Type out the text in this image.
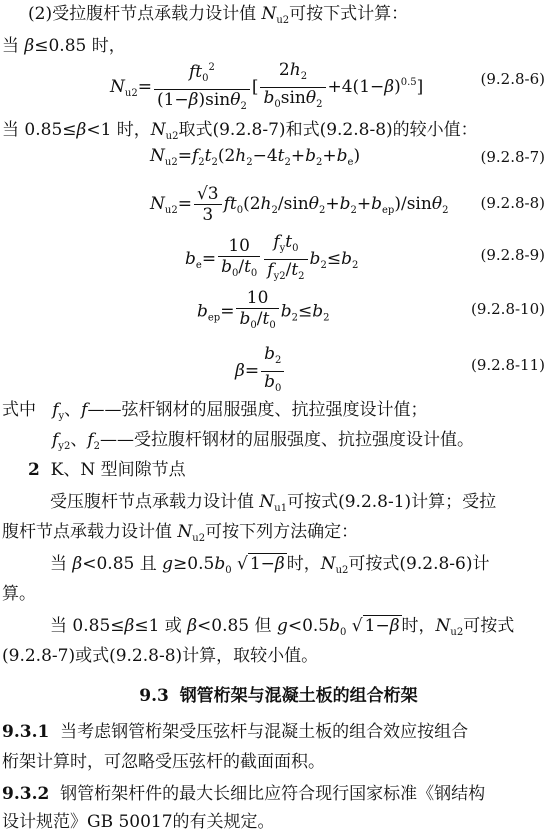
(2)受拉腹杆节点承载力设计值 $N_{u2}$可按下式计算：
当 β≤0.85 时，
$N_{u2}= \frac{ft_0^2}{(1-\beta)\sin\theta_2}$ [ $\frac{2h_2}{b_0\sin\theta_2} +4(1-\beta)^{0.5}$]	(9.2.8-6)
当 0.85≤β<1 时，$N_{u2}$取式(9.2.8-7)和式(9.2.8-8)的较小值：
$N_{u2}=f_2t_2(2h_2-4t_2+b_2+b_e)$	(9.2.8-7)
$N_{u2}= \frac{√3}{3} ft_0(2h_2/\sin\theta_2+b_2+b_{ep})/\sin\theta_2$ (9.2.8-8)
$b_e= \frac{10}{b_0/t_0} \frac{f_yt_0}{f_{y2}/t_2} b_2\le b_2$
(9.2.8-9)
$b_{ep}= \frac{10}{b_0/t_0} b_2\le b_2$	(9.2.8-10)
$\beta= \frac{b_2}{b_0}$	(9.2.8-11)
式中 $f_y$、f——弦杆钢材的屈服强度、抗拉强度设计值；
$f_{y2}$、$f_2——$受拉腹杆钢材的屈服强度、抗拉强度设计值。
2 K、N 型间隙节点
受压腹杆节点承载力设计值 $N_{u1}$可按式(9.2.8-1)计算；受拉
腹杆节点承载力设计值 $N_{u2}$可按下列方法确定：
当 β<0.85 且 $g\ge 0.5b_0$ √ 1−β 时，$N_{u2}$可按式(9.2.8-6)计
算。
当 0.85≤β≤1 或 β<0.85 但 $g<0.5b_0$ √ 1−β 时，$N_{u2}$可按式
(9.2.8-7)或式(9.2.8-8)计算，取较小值。
9.3 钢管桁架与混凝土板的组合桁架
9.3.1 当考虑钢管桁架受压弦杆与混凝土板的组合效应按组合
桁架计算时，可忽略受压弦杆的截面面积。
9.3.2 钢管桁架杆件的最大长细比应符合现行国家标准《钢结构
设计规范》GB 50017的有关规定。
